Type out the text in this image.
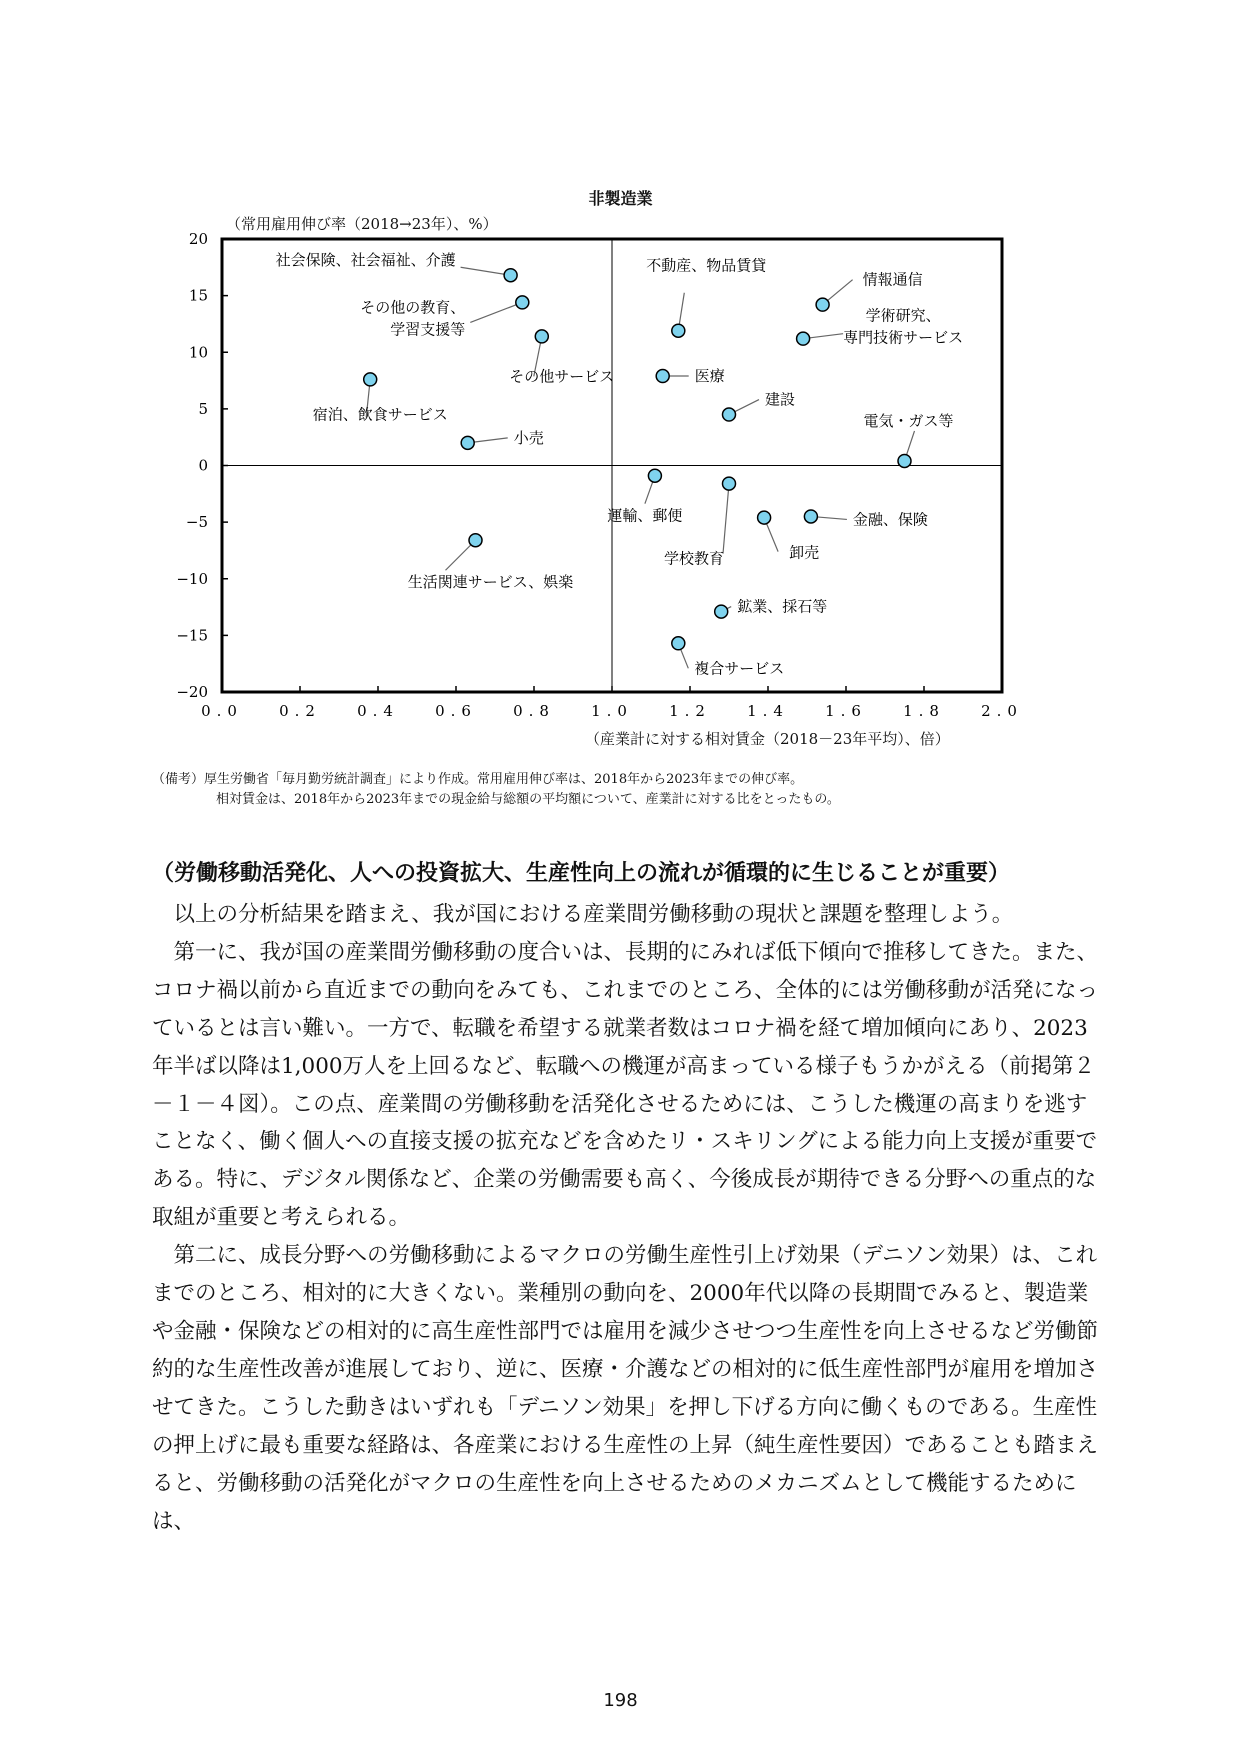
非製造業
（常用雇用伸び率（2018→23年）、%）
0.0 0.2 0.4 0.6 0.8 1.0 1.2 1.4 1.6 1.8 2.0
20
15
10
5
0
−5
−10
−15
−20
社会保険、社会福祉、介護
その他の教育、学習支援等
その他サービス
宿泊、飲食サービス
小売
不動産、物品賃貸
医療
情報通信
学術研究、専門技術サービス
建設
電気・ガス等
運輸、郵便
学校教育	卸売
金融、保険
生活関連サービス、娯楽
鉱業、採石等
複合サービス
（産業計に対する相対賃金（2018－23年平均）、倍）
（備考）厚生労働省「毎月勤労統計調査」により作成。常用雇用伸び率は、2018年から2023年までの伸び率。
相対賃金は、2018年から2023年までの現金給与総額の平均額について、産業計に対する比をとったもの。
（労働移動活発化、人への投資拡大、生産性向上の流れが循環的に生じることが重要）

以上の分析結果を踏まえ、我が国における産業間労働移動の現状と課題を整理しよう。

第一に、我が国の産業間労働移動の度合いは、長期的にみれば低下傾向で推移してきた。また、コロナ禍以前から直近までの動向をみても、これまでのところ、全体的には労働移動が活発になっているとは言い難い。一方で、転職を希望する就業者数はコロナ禍を経て増加傾向にあり、2023年半ば以降は1,000万人を上回るなど、転職への機運が高まっている様子もうかがえる（前掲第２－１－４図）。この点、産業間の労働移動を活発化させるためには、こうした機運の高まりを逃すことなく、働く個人への直接支援の拡充などを含めたリ・スキリングによる能力向上支援が重要である。特に、デジタル関係など、企業の労働需要も高く、今後成長が期待できる分野への重点的な取組が重要と考えられる。

第二に、成長分野への労働移動によるマクロの労働生産性引上げ効果（デニソン効果）は、これまでのところ、相対的に大きくない。業種別の動向を、2000年代以降の長期間でみると、製造業や金融・保険などの相対的に高生産性部門では雇用を減少させつつ生産性を向上させるなど労働節約的な生産性改善が進展しており、逆に、医療・介護などの相対的に低生産性部門が雇用を増加させてきた。こうした動きはいずれも「デニソン効果」を押し下げる方向に働くものである。生産性の押上げに最も重要な経路は、各産業における生産性の上昇（純生産性要因）であることも踏まえると、労働移動の活発化がマクロの生産性を向上させるためのメカニズムとして機能するためには、

198
